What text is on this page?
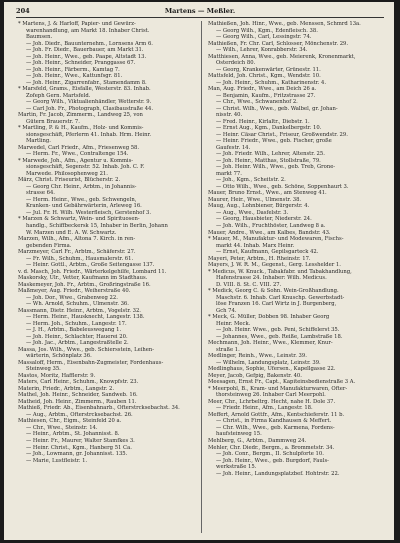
204	Martens — Meßler.
* Martens, J. & Harloff, Papier- und Gewürz-
warenhandlung, am Markt 18. Inhaber Christ.
Baumsen.
— Joh. Diedr., Bauunternehm., Lornsens Arm 6.
— Joh. Fr. Diedr., Bauerbauer, am Markt 31.
— Joh. Heinr., Wwe., geb. Paape, Altstadt 13.
— Joh. Heinr., Schneider, Pranggasse 67.
— Joh. Heinr., Färberm., Kamtag 7.
— Joh. Heinr., Wwe., Kattunfsgr. 81.
— Joh. Heinr., Zigarrenfabr., Stamendamm 8.
* Marsfeld, Grams., Eisfalle, Westerstr. 83. Inhab.
Zofeph Gern. Martsfeld.
— Georg Wilh., Viktualienhändler, Wetterstr. 9.
— Carl Joh. Fr., Photograph, Clasibaustraße 44.
Martin, Fr. Jacob, Zimmerm., Landweg 25, von
Gütern Brauerstr. 7.
* Martling, P. & H., Kaufm., Holz- und Kommis-
sionsgeschäft, Pferlerm 41. Inhab. Hrm. Heinr.
Martling.
Marwedel, Carl Friedr., Afm., Friesenweg 58.
— Herm. Fr., Wwe., Contraltenge 154.
* Marwede, Joh., Afm., Agentur u. Kommis-
sionsgeschäft, Segenstr. 52. Inhab. Joh. C. F.
Marwede. Philosophenweg 21.
März, Christ. Friseurist, Blücherstr. 2.
— Georg Chr. Heinr., Arbtm., in Johannis-
strasse 64.
— Herm. Heinr., Wwe., geb. Schwengeln,
Kranken- und Gebährwärterin, Arleweg 16.
— Jul. Fr. H. Wilh. Westerfleisch, Gerstenhof 3.
* Marzen & Schwartz, Wein- und Spirituosen-
handlg., Schiffbeckersk 15, Inhaber in Berlin, Johann
W. Marzen und E. A. W. Schwartz.
Marzen, Wilh., Afm., Altona 7. Kirch. in ren-
gebenden Firma.
Marzmeyer, Carl Fr., Arbtm., Schäferstr. 27.
— Fr. Wilh., Schuhm., Hausmalerstr. 61.
— Heinr. Gottl., Arbtm., Große Seitengasse 137.
v. d. Masch, Joh. Friedr., Wärterkelgehilfe, Lombard 11.
Maskorsky, Ulr., Vetter, Kaufmann im Stadthaus.
Maskemeyer, Joh. Fr., Arbtm., Großringstraße 16.
Maßmeyer, Aug. Friedr., Weiherstraße 40.
— Joh. Dor., Wwe., Grabenweg 22.
— Wh. Arnold, Schuhm., Ulmenstr. 36.
Massmann, Dietr. Heinr., Arbtm., Vogelstr. 32.
— Herm. Heinr., Hausknecht, Langestr. 138.
— Herm. Joh., Schuhm., Langestr. 17.
— J. H., Arbtm., Babeleuswegang 1.
— Joh. Heinr., Schlachter, Hauerei 20.
— Joh. Jac., Arbtm., Langestraßtelle 2.
Massa, Jos. Wilh., Wwe., geb. Schiersstein, Leihen-
wärterin, Schönplatz 36.
Massaloff, Herm., Eisenbahn-Zugmeister, Fordenhaus-
Steinweg 35.
Mastos, Moritz, Hafflerstr. 9.
Maters, Carl Heinr., Schuhm., Knowpfstr. 23.
Materin, Friedr., Arbtm., Langstr. 2.
Mathel, Joh. Heinr., Schneider, Sandweb. 16.
Matheid, Joh. Heinr., Zimmerm., Rauben 11.
Mathieß, Friedr. Ab., Eisenbahnarb., Ofterstrcksebachst. 34.
— Aug., Arbtm., Ofterstrcksebachst. 26.
Mathiesen, Chr., Eigm., Steinfeld 20 a.
— Chr., Wwe., Steinstr. 14.
— Heinr., Arbtm., St. Johannisst. 8.
— Heinr. Fr., Maurer, Walter Stamfkes 3.
— Heinr. Christ., Kgm., Hanberg 51 Ca.
— Joh., Lowmann, gr. Johannisst. 135.
— Marie, Lustfleistr. 1.
Mathießen, Joh. Hinr., Wwe., geb. Menssen, Schmrd 13a.
— Georg Wilh., Kgm., Edenfleisch. 38.
— Georg Wilh., Carl, Lessingstr. 74.
Mathießen, Fr. Chr. Carl, Schlosser, Mönchenstr. 29.
— Wilh., Lehrer, Konrabberstr. 34.
Matthiesen, Anna, Wwe., geb. Meierenk, Kronenmarkt,
Osterdeich 80.
— Georg, Krankenwärter, Grünestr. 11.
Mattsfeld, Joh. Christ., Kgm., Wendstr. 10.
— Joh. Heinr., Schuhm., Katharinenstr. 4.
Man, Aug. Friedr., Wwe., am Deich 26 a.
— Benjamin, Kaufm., Fritzstrasse 27.
— Chr., Wwe., Schwanenhof 2.
— Christ. Wilh., Wwe., geb. Walbel, gr. Johan-
nisstr. 40.
— Fred. Heinr., Kirlaltr., Diebstr. 1.
— Ernst Aug., Kgm., Dankelbergstr. 10.
— Heinr. Cäsar Christ., Friseur, Großwendstr. 29.
— Heinr. Friedr., Wwe., geb. Fischer, große
Gaufestr. 14.
— Joh. Friedr. Wilh., Lehrer, Altenstr. 25.
— Joh. Heinr., Matthas, Stollstraße, 79.
— Joh. Heinr. Wilh., Wwe., geb. Treb, Grone-
markt 77.
— Joh., Kgm., Scheitstr. 2.
— Otto Wilh., Wwe., geb. Schöne, Soppenhaurt 3.
Mauer, Bruno Ernst., Wwe., am Stenweg 41.
Maurer, Heir., Wwe., Ulmenstr. 38.
Maug, Aug., Lohnbiener, Bürgerstr. 4.
— Aug., Wwe., Dasfelstr. 3.
— Georg, Hausbieter, Niederstr. 24.
— Joh. Wilh., Fruchthöster, Landweg 8 a.
Mauer, Andre., Wwe., am Kalbes, Bandstr. 43.
* Mauer, M., Manufaktur- und Modewaren, Fischs-
markt 44. Inhab. Marx Heinr.
— Ernst, Kaufmann, Gepilsgarteck 42.
Mayeri, Peter, Arbtm., H. Rheinstr. 17.
Mayers, J. W. R. M., Gegenst., Gerg. Lesshelder 1.
* Medicus, W. Knuck., Tabakfabr. und Tabakhandlung,
Hafenstrasse 24. Inhaber: Wilh. Medicus.
D. VIII. 8. St. C. VIII. 27.
* Medick, Georg C. & Sohn. Wein-Großhandlung.
Maschstr. 6. Inhab. Carl Knuschp. Gewerbstadt-
löse Franzen 16. Carl Wirtz in J. Burgenberg,
Gch 74.
* Meck, G. Müller, Dobben 98. Inhaber Georg
Heinr. Meck.
— Joh. Heinr. Wwe., geb. Peni, Schiffelerst 35.
— Johannes, Wwe., geb. Reiße, Lambstraße 18.
Mechmann, Joh. Heinr., Wwe., Klemmer, Knur-
straße 1.
Medlinger, Reinh., Wwe., Leinstr. 39.
— Wilhelm, Landungsplatz, Leinstr. 39.
Medlinghaus, Sophie, Ufersen., Kapellgasse 22.
Meyer, Jacob, Gefpig, Bakenstr. 40.
Meesagen, Ernst Fr., Capt., Kapiteinsbedienstraße 3 A.
* Meerpohl, B., Kram- und Manufakturwaren, Ofter-
thorsteinweg 26. Inhaber Carl Meerpohl.
Meer, Chr., Lchrbeltrg. Hecht, nahe H. Dole 37.
— Friedr. Heinr., Afm., Langestr. 18.
Meffert, Arnold Gottfr., Afm., Kentschieferstr. 11 b.
— Christ., in Firma Kandhausen & Meffert.
— Chr. Wilh., Wwe., geb. Karmena, Fordens-
haufsteinweg 15.
Mehlberg, G., Arbtm., Dammweg 24.
Mehler, Chr. Diedr., Bergm., a. Brommetstr. 34.
— Joh. Conr., Bergm., II. Schulpforte 10.
— Joh. Heinr., Wwe., geb. Burgdorf, Fauls-
werkstraße 15.
— Joh. Heinr., Landungsplatzbef. Hohtrstr. 22.
